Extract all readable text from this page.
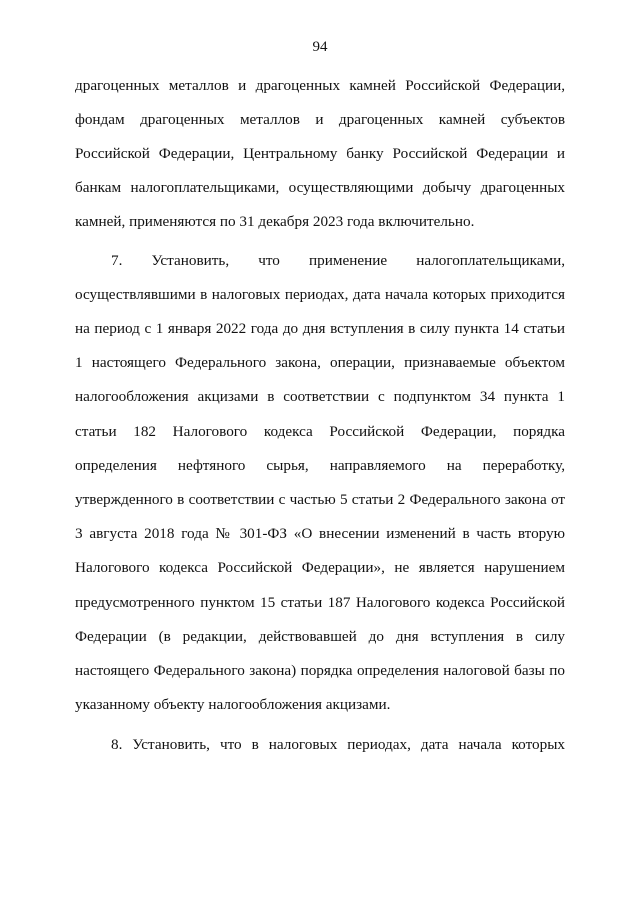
94
драгоценных металлов и драгоценных камней Российской Федерации,
фондам драгоценных металлов и драгоценных камней субъектов
Российской Федерации, Центральному банку Российской Федерации и
банкам налогоплательщиками, осуществляющими добычу драгоценных
камней, применяются по 31 декабря 2023 года включительно.
7. Установить, что применение налогоплательщиками,
осуществлявшими в налоговых периодах, дата начала которых приходится
на период с 1 января 2022 года до дня вступления в силу пункта 14 статьи
1 настоящего Федерального закона, операции, признаваемые объектом
налогообложения акцизами в соответствии с подпунктом 34 пункта 1
статьи 182 Налогового кодекса Российской Федерации, порядка
определения нефтяного сырья, направляемого на переработку,
утвержденного в соответствии с частью 5 статьи 2 Федерального закона от
3 августа 2018 года № 301-ФЗ «О внесении изменений в часть вторую
Налогового кодекса Российской Федерации», не является нарушением
предусмотренного пунктом 15 статьи 187 Налогового кодекса Российской
Федерации (в редакции, действовавшей до дня вступления в силу
настоящего Федерального закона) порядка определения налоговой базы по
указанному объекту налогообложения акцизами.
8. Установить, что в налоговых периодах, дата начала которых
